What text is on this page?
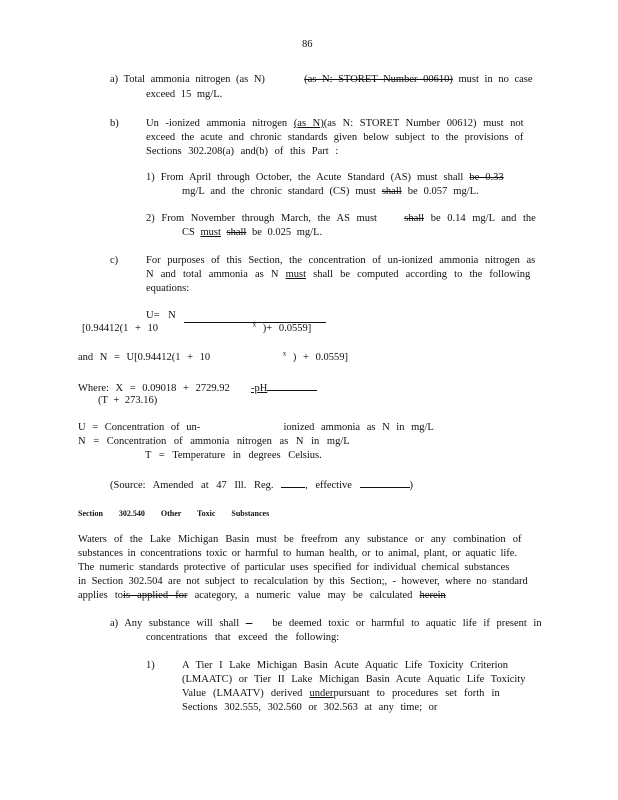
86
a) Total ammonia nitrogen (as N)	(as N: STORET Number 00610) must in no case
exceed 15 mg/L.
b)	Un -ionized ammonia nitrogen (as N)(as N: STORET Number 00612) must not
exceed the acute and chronic standards given below subject to the provisions of
Sections 302.208(a) and(b) of this Part :
1) From April through October, the Acute Standard (AS) must shall be 0.33
mg/L and the chronic standard (CS) must shall be 0.057 mg/L.
2) From November through March, the AS must	shall be 0.14 mg/L and the
CS must shall be 0.025 mg/L.
c)	For purposes of this Section, the concentration of un-ionized ammonia nitrogen as
N and total ammonia as N must shall be computed according to the following
equations:
U= N
[0.94412(1 + 10	$^x$ )+ 0.0559]
and N = U[0.94412(1 + 10	$^x$ ) + 0.0559]
Where: X = 0.09018 + 2729.92 -pH
(T + 273.16)
U = Concentration of un-	ionized ammonia as N in mg/L
N = Concentration of ammonia nitrogen as N in mg/L
T = Temperature in degrees Celsius.
(Source: Amended at 47 Ill. Reg.	, effective	)
Section 302.540 Other Toxic Substances
Waters of the Lake Michigan Basin must be freefrom any substance or any combination of
substances in concentrations toxic or harmful to human health, or to animal, plant, or aquatic life.
The numeric standards protective of particular uses specified for individual chemical substances
in Section 302.504 are not subject to recalculation by this Section;, - however, where no standard
applies tois applied for acategory, a numeric value may be calculated herein
a) Any substance will shall	be deemed toxic or harmful to aquatic life if present in
concentrations that exceed the following:
1)	A Tier I Lake Michigan Basin Acute Aquatic Life Toxicity Criterion
(LMAATC) or Tier II Lake Michigan Basin Acute Aquatic Life Toxicity
Value (LMAATV) derived underpursuant to procedures set forth in
Sections 302.555, 302.560 or 302.563 at any time; or
